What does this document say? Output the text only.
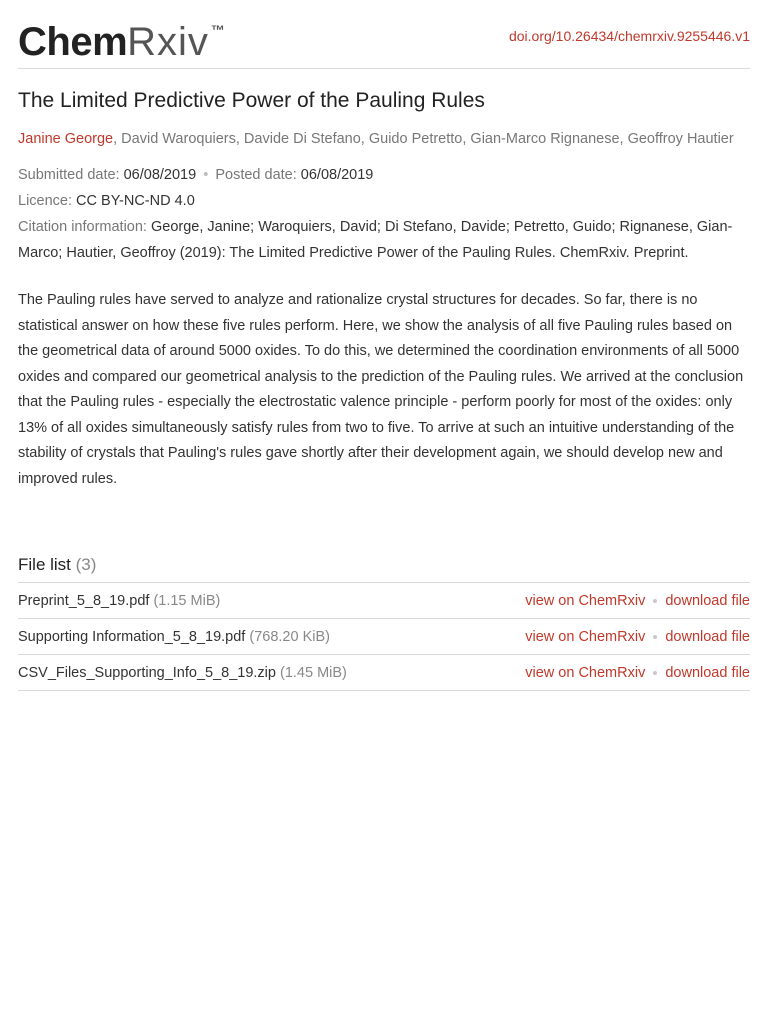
ChemRxiv ™	doi.org/10.26434/chemrxiv.9255446.v1
The Limited Predictive Power of the Pauling Rules
Janine George, David Waroquiers, Davide Di Stefano, Guido Petretto, Gian-Marco Rignanese, Geoffroy Hautier
Submitted date: 06/08/2019 • Posted date: 06/08/2019
Licence: CC BY-NC-ND 4.0
Citation information: George, Janine; Waroquiers, David; Di Stefano, Davide; Petretto, Guido; Rignanese, Gian-Marco; Hautier, Geoffroy (2019): The Limited Predictive Power of the Pauling Rules. ChemRxiv. Preprint.

The Pauling rules have served to analyze and rationalize crystal structures for decades. So far, there is no statistical answer on how these five rules perform. Here, we show the analysis of all five Pauling rules based on the geometrical data of around 5000 oxides. To do this, we determined the coordination environments of all 5000 oxides and compared our geometrical analysis to the prediction of the Pauling rules. We arrived at the conclusion that the Pauling rules - especially the electrostatic valence principle - perform poorly for most of the oxides: only 13% of all oxides simultaneously satisfy rules from two to five. To arrive at such an intuitive understanding of the stability of crystals that Pauling's rules gave shortly after their development again, we should develop new and improved rules.

File list (3)
Preprint_5_8_19.pdf (1.15 MiB)	view on ChemRxiv download file
Supporting Information_5_8_19.pdf (768.20 KiB)	view on ChemRxiv download file
CSV_Files_Supporting_Info_5_8_19.zip (1.45 MiB)	view on ChemRxiv download file
